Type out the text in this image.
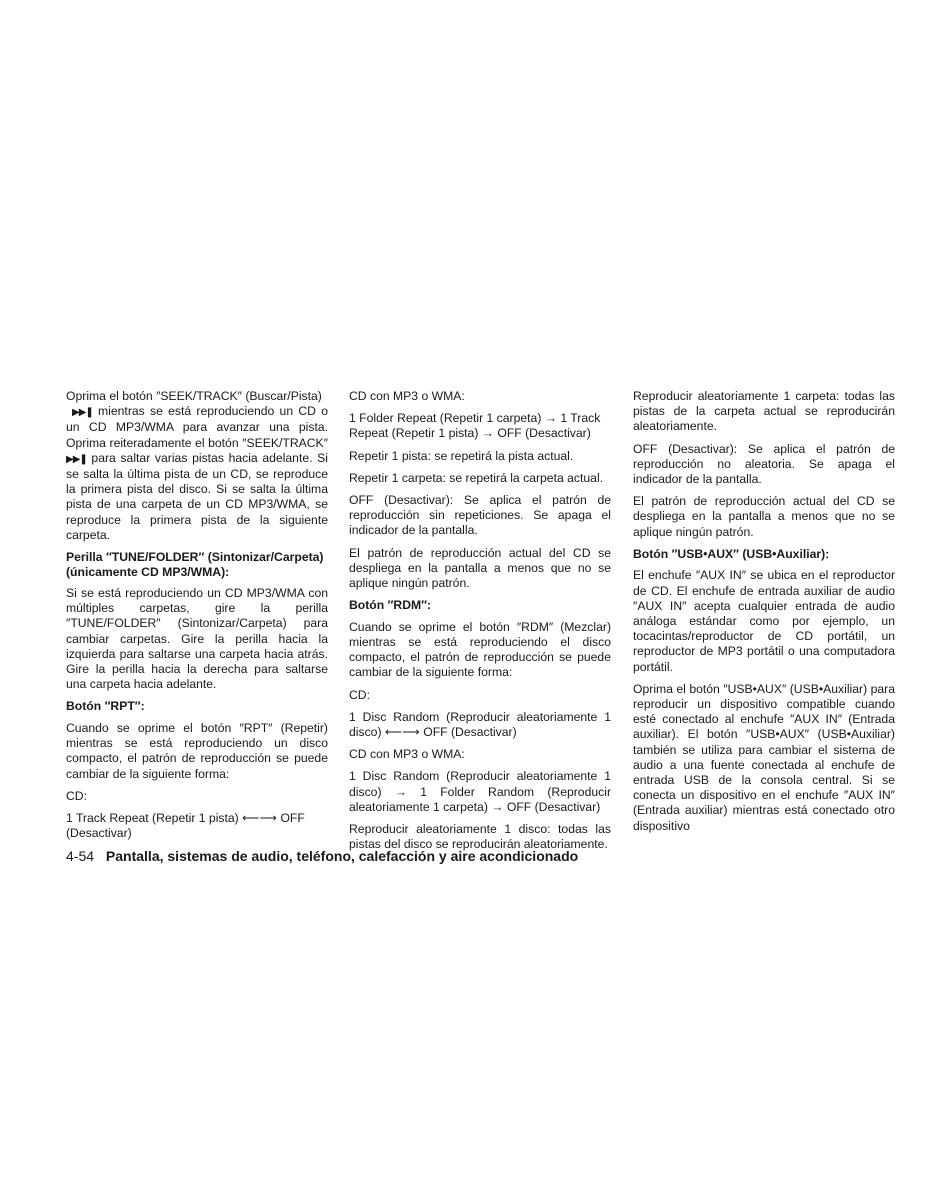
Oprima el botón ″SEEK/TRACK″ (Buscar/Pista)
▶▶❚ mientras se está reproduciendo un CD o un CD MP3/WMA para avanzar una pista. Oprima reiteradamente el botón ″SEEK/TRACK″ ▶▶❚ para saltar varias pistas hacia adelante. Si se salta la última pista de un CD, se reproduce la primera pista del disco. Si se salta la última pista de una carpeta de un CD MP3/WMA, se reproduce la primera pista de la siguiente carpeta.

Perilla ″TUNE/FOLDER″ (Sintonizar/Carpeta) (únicamente CD MP3/WMA):

Si se está reproduciendo un CD MP3/WMA con múltiples carpetas, gire la perilla ″TUNE/FOLDER″ (Sintonizar/Carpeta) para cambiar carpetas. Gire la perilla hacia la izquierda para saltarse una carpeta hacia atrás. Gire la perilla hacia la derecha para saltarse una carpeta hacia adelante.

Botón ″RPT″:

Cuando se oprime el botón ″RPT″ (Repetir) mientras se está reproduciendo un disco compacto, el patrón de reproducción se puede cambiar de la siguiente forma:

CD:

1 Track Repeat (Repetir 1 pista) ⟵⟶ OFF (Desactivar)

CD con MP3 o WMA:

1 Folder Repeat (Repetir 1 carpeta) → 1 Track Repeat (Repetir 1 pista) → OFF (Desactivar)

Repetir 1 pista: se repetirá la pista actual.

Repetir 1 carpeta: se repetirá la carpeta actual.

OFF (Desactivar): Se aplica el patrón de reproducción sin repeticiones. Se apaga el indicador de la pantalla.

El patrón de reproducción actual del CD se despliega en la pantalla a menos que no se aplique ningún patrón.

Botón ″RDM″:

Cuando se oprime el botón ″RDM″ (Mezclar) mientras se está reproduciendo el disco compacto, el patrón de reproducción se puede cambiar de la siguiente forma:

CD:

1 Disc Random (Reproducir aleatoriamente 1 disco) ⟵⟶ OFF (Desactivar)

CD con MP3 o WMA:

1 Disc Random (Reproducir aleatoriamente 1 disco) → 1 Folder Random (Reproducir aleatoriamente 1 carpeta) → OFF (Desactivar)

Reproducir aleatoriamente 1 disco: todas las pistas del disco se reproducirán aleatoriamente.

Reproducir aleatoriamente 1 carpeta: todas las pistas de la carpeta actual se reproducirán aleatoriamente.

OFF (Desactivar): Se aplica el patrón de reproducción no aleatoria. Se apaga el indicador de la pantalla.

El patrón de reproducción actual del CD se despliega en la pantalla a menos que no se aplique ningún patrón.

Botón ″USB•AUX″ (USB•Auxiliar):

El enchufe ″AUX IN″ se ubica en el reproductor de CD. El enchufe de entrada auxiliar de audio ″AUX IN″ acepta cualquier entrada de audio análoga estándar como por ejemplo, un tocacintas/reproductor de CD portátil, un reproductor de MP3 portátil o una computadora portátil.

Oprima el botón ″USB•AUX″ (USB•Auxiliar) para reproducir un dispositivo compatible cuando esté conectado al enchufe ″AUX IN″ (Entrada auxiliar). El botón ″USB•AUX″ (USB•Auxiliar) también se utiliza para cambiar el sistema de audio a una fuente conectada al enchufe de entrada USB de la consola central. Si se conecta un dispositivo en el enchufe ″AUX IN″ (Entrada auxiliar) mientras está conectado otro dispositivo

4-54 Pantalla, sistemas de audio, teléfono, calefacción y aire acondicionado
